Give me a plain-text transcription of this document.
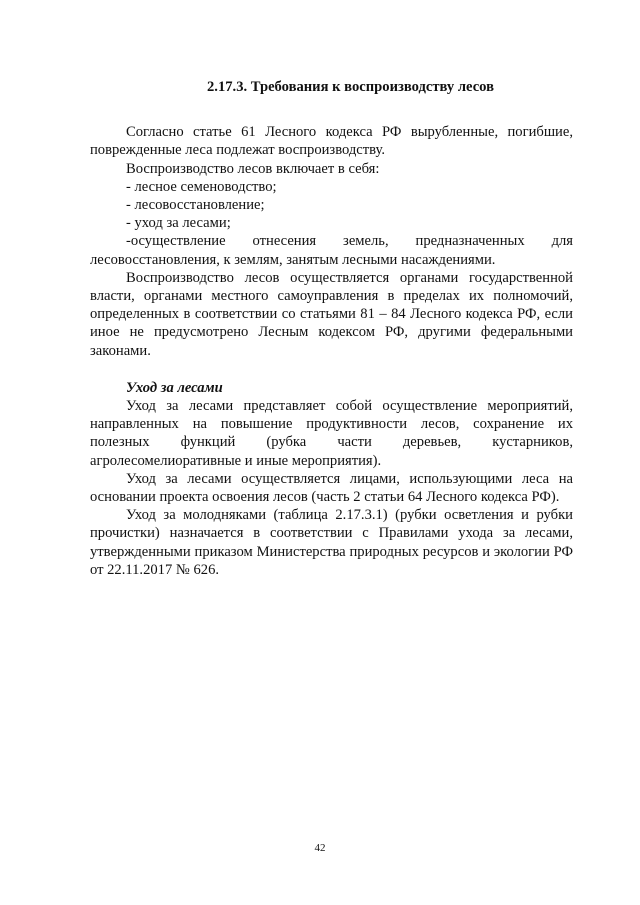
2.17.3. Требования к воспроизводству лесов

Согласно статье 61 Лесного кодекса РФ вырубленные, погибшие, поврежденные леса подлежат воспроизводству.

Воспроизводство лесов включает в себя:

- лесное семеноводство;

- лесовосстановление;

- уход за лесами;

-осуществление отнесения земель, предназначенных для лесовосстановления, к землям, занятым лесными насаждениями.

Воспроизводство лесов осуществляется органами государственной власти, органами местного самоуправления в пределах их полномочий, определенных в соответствии со статьями 81 – 84 Лесного кодекса РФ, если иное не предусмотрено Лесным кодексом РФ, другими федеральными законами.

Уход за лесами

Уход за лесами представляет собой осуществление мероприятий, направленных на повышение продуктивности лесов, сохранение их полезных функций (рубка части деревьев, кустарников, агролесомелиоративные и иные мероприятия).

Уход за лесами осуществляется лицами, использующими леса на основании проекта освоения лесов (часть 2 статьи 64 Лесного кодекса РФ).

Уход за молодняками (таблица 2.17.3.1) (рубки осветления и рубки прочистки) назначается в соответствии с Правилами ухода за лесами, утвержденными приказом Министерства природных ресурсов и экологии РФ от 22.11.2017 № 626.

42
